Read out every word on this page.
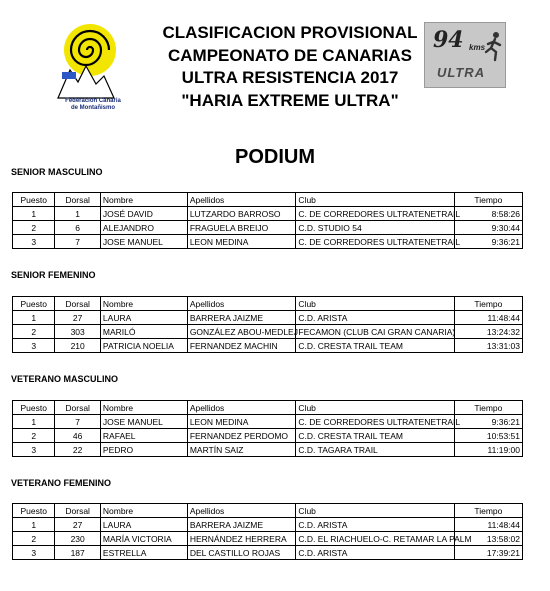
Federación Canaria
de Montañismo
94 kms
ULTRA
CLASIFICACION PROVISIONAL
CAMPEONATO DE CANARIAS
ULTRA RESISTENCIA 2017
"HARIA EXTREME ULTRA"
PODIUM
SENIOR MASCULINO
Puesto	Dorsal	Nombre	Apellidos	Club	Tiempo
1	1	JOSÉ DAVID	LUTZARDO BARROSO	C. DE CORREDORES ULTRATENETRAIL	8:58:26
2	6	ALEJANDRO	FRAGUELA BREIJO	C.D. STUDIO 54	9:30:44
3	7	JOSE MANUEL	LEON MEDINA	C. DE CORREDORES ULTRATENETRAIL	9:36:21
SENIOR FEMENINO
Puesto	Dorsal	Nombre	Apellidos	Club	Tiempo
1	27	LAURA	BARRERA JAIZME	C.D. ARISTA	11:48:44
2	303	MARILÓ	GONZÁLEZ ABOU-MEDLEJ	FECAMON (CLUB CAI GRAN CANARIA)	13:24:32
3	210	PATRICIA NOELIA	FERNANDEZ MACHIN	C.D. CRESTA TRAIL TEAM	13:31:03
VETERANO MASCULINO
Puesto	Dorsal	Nombre	Apellidos	Club	Tiempo
1	7	JOSE MANUEL	LEON MEDINA	C. DE CORREDORES ULTRATENETRAIL	9:36:21
2	46	RAFAEL	FERNANDEZ PERDOMO	C.D. CRESTA TRAIL TEAM	10:53:51
3	22	PEDRO	MARTÍN SAIZ	C.D. TAGARA TRAIL	11:19:00
VETERANO FEMENINO
Puesto	Dorsal	Nombre	Apellidos	Club	Tiempo
1	27	LAURA	BARRERA JAIZME	C.D. ARISTA	11:48:44
2	230	MARÍA VICTORIA	HERNÁNDEZ HERRERA	C.D. EL RIACHUELO-C. RETAMAR LA PALM	13:58:02
3	187	ESTRELLA	DEL CASTILLO ROJAS	C.D. ARISTA	17:39:21
